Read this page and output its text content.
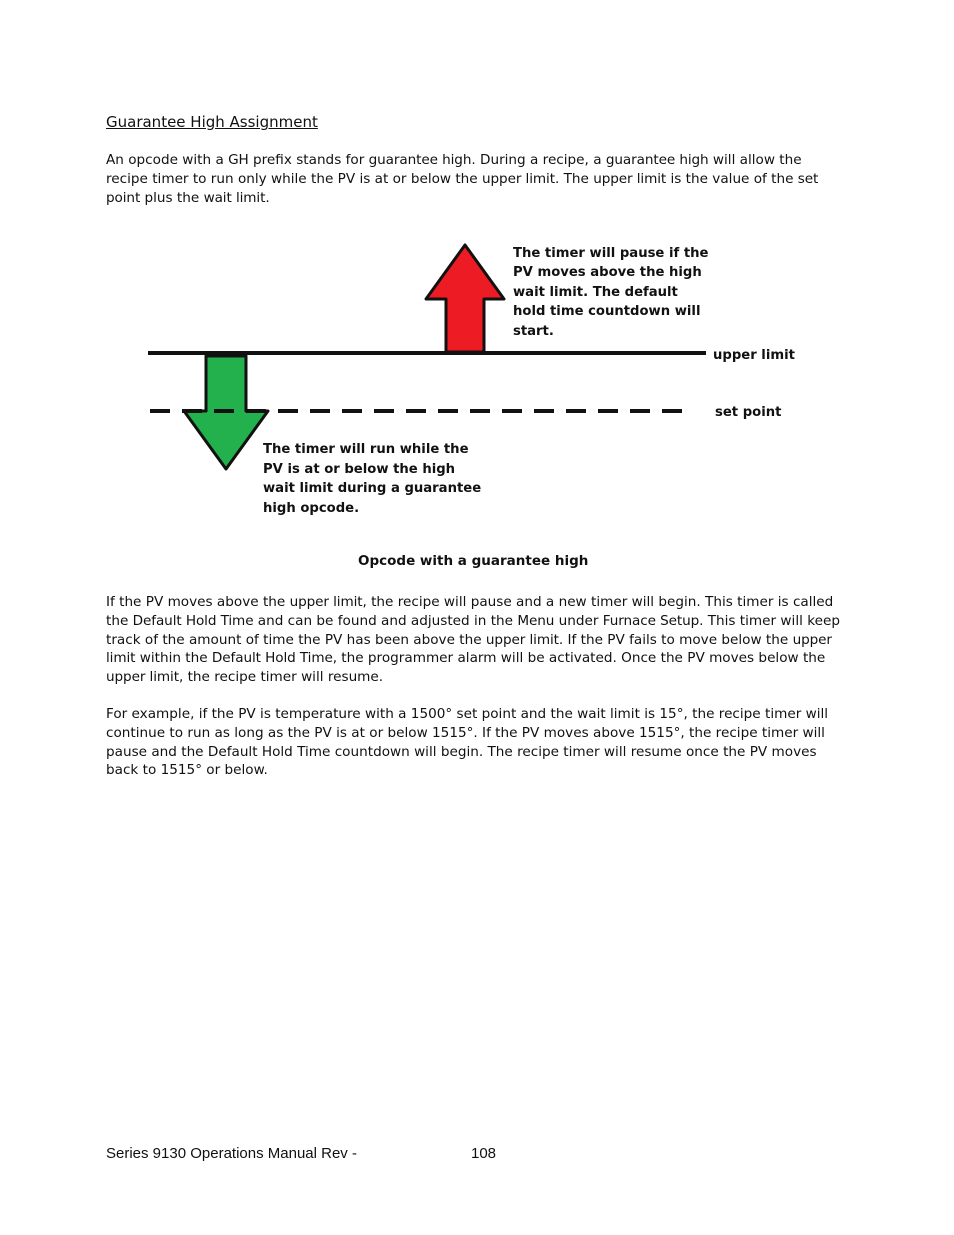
Guarantee High Assignment

An opcode with a GH prefix stands for guarantee high. During a recipe, a guarantee high will allow the recipe timer to run only while the PV is at or below the upper limit. The upper limit is the value of the set point plus the wait limit.

upper limit
set point
The timer will pause if the
PV moves above the high
wait limit. The default
hold time countdown will
start.
The timer will run while the
PV is at or below the high
wait limit during a guarantee
high opcode.
Opcode with a guarantee high

If the PV moves above the upper limit, the recipe will pause and a new timer will begin. This timer is called the Default Hold Time and can be found and adjusted in the Menu under Furnace Setup. This timer will keep track of the amount of time the PV has been above the upper limit. If the PV fails to move below the upper limit within the Default Hold Time, the programmer alarm will be activated. Once the PV moves below the upper limit, the recipe timer will resume.

For example, if the PV is temperature with a 1500° set point and the wait limit is 15°, the recipe timer will continue to run as long as the PV is at or below 1515°. If the PV moves above 1515°, the recipe timer will pause and the Default Hold Time countdown will begin. The recipe timer will resume once the PV moves back to 1515° or below.

Series 9130 Operations Manual Rev -	108
